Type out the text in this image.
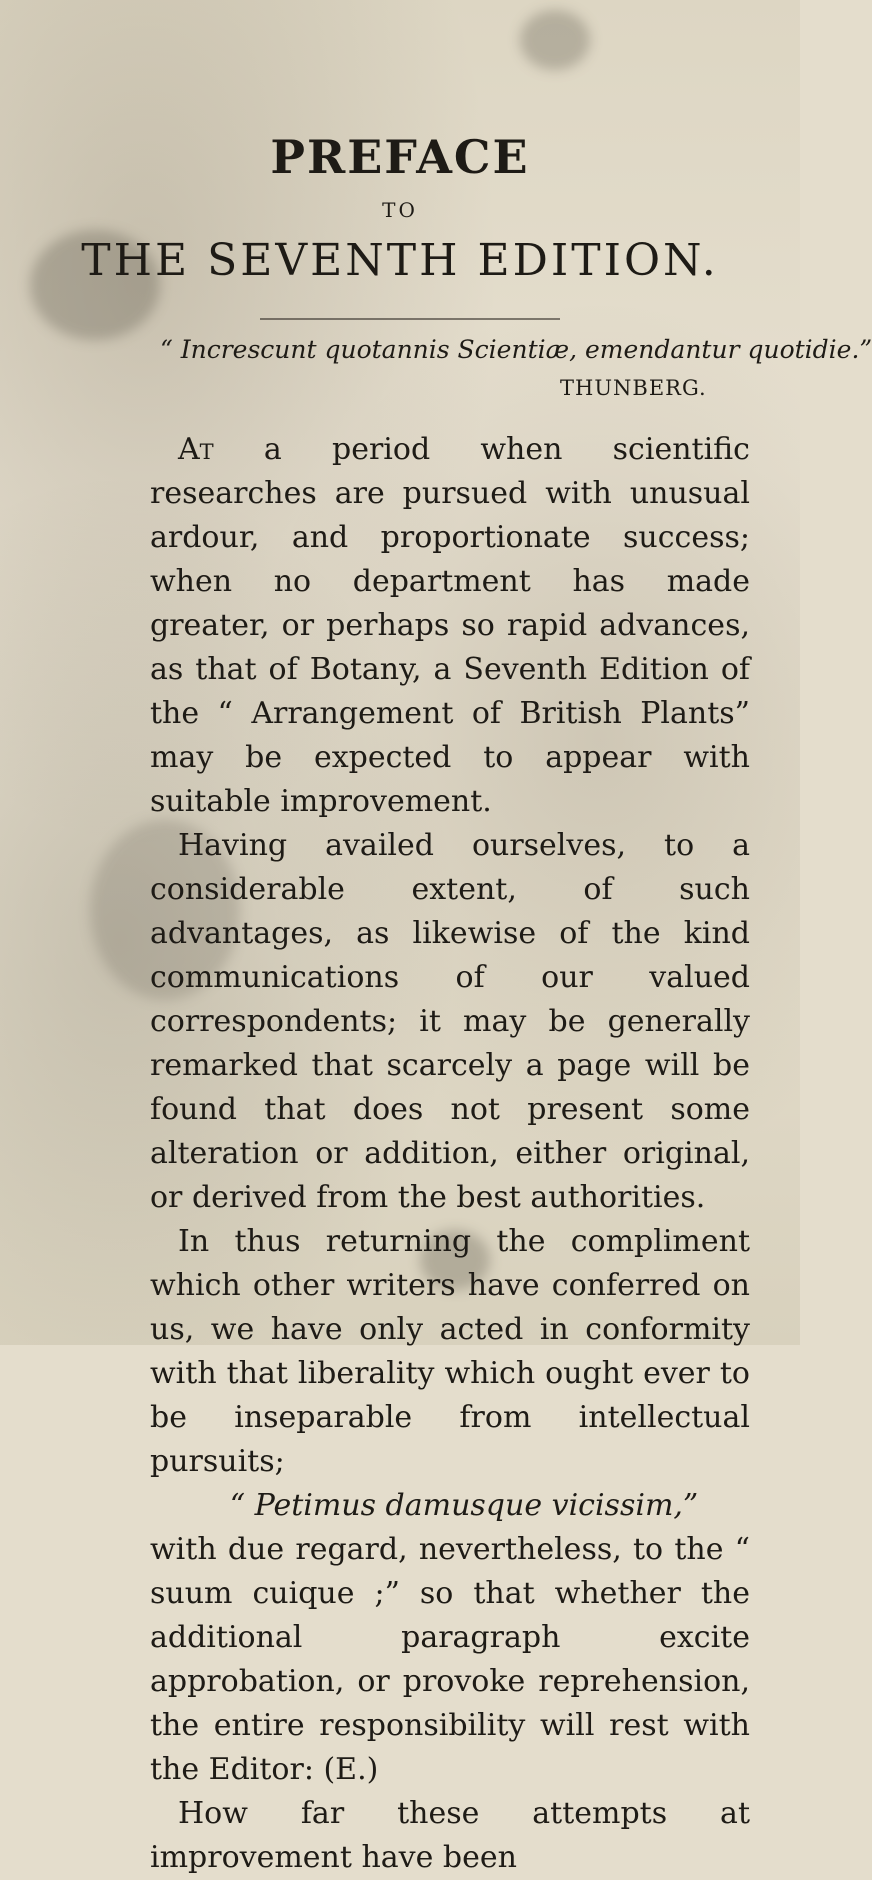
PREFACE
TO
THE SEVENTH EDITION.

“ Increscunt quotannis Scientiæ, emendantur quotidie.”

THUNBERG.

At a period when scientific researches are pursued with unusual ardour, and proportionate success; when no department has made greater, or perhaps so rapid advances, as that of Botany, a Seventh Edition of the “ Arrangement of British Plants” may be expected to appear with suitable improvement.

Having availed ourselves, to a considerable extent, of such advantages, as likewise of the kind communications of our valued correspondents; it may be generally remarked that scarcely a page will be found that does not present some alteration or addition, either original, or derived from the best authorities.

In thus returning the compliment which other writers have conferred on us, we have only acted in conformity with that liberality which ought ever to be inseparable from intellectual pursuits;
“ Petimus damusque vicissim,”
with due regard, nevertheless, to the “ suum cuique ;” so that whether the additional paragraph excite approbation, or provoke reprehension, the entire responsibility will rest with the Editor: (E.)

How far these attempts at improvement have been
